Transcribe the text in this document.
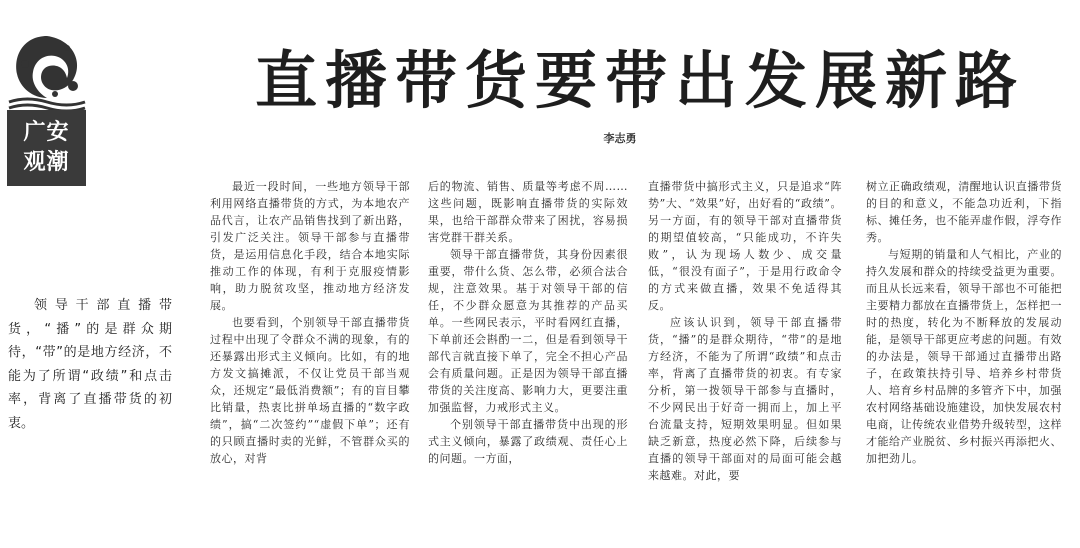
广安
观潮
直播带货要带出发展新路
李志勇
领导干部直播带货，“播”的是群众期待，“带”的是地方经济，不能为了所谓“政绩”和点击率，背离了直播带货的初衷。

最近一段时间，一些地方领导干部利用网络直播带货的方式，为本地农产品代言，让农产品销售找到了新出路，引发广泛关注。领导干部参与直播带货，是运用信息化手段，结合本地实际推动工作的体现，有利于克服疫情影响，助力脱贫攻坚，推动地方经济发展。

也要看到，个别领导干部直播带货过程中出现了令群众不满的现象，有的还暴露出形式主义倾向。比如，有的地方发文搞摊派，不仅让党员干部当观众，还规定“最低消费额”；有的盲目攀比销量，热衷比拼单场直播的“数字政绩”，搞“二次签约”“虚假下单”；还有的只顾直播时卖的光鲜，不管群众买的放心，对背

后的物流、销售、质量等考虑不周……这些问题，既影响直播带货的实际效果，也给干部群众带来了困扰，容易损害党群干群关系。

领导干部直播带货，其身份因素很重要，带什么货、怎么带，必须合法合规，注意效果。基于对领导干部的信任，不少群众愿意为其推荐的产品买单。一些网民表示，平时看网红直播，下单前还会斟酌一二，但是看到领导干部代言就直接下单了，完全不担心产品会有质量问题。正是因为领导干部直播带货的关注度高、影响力大，更要注重加强监督，力戒形式主义。

个别领导干部直播带货中出现的形式主义倾向，暴露了政绩观、责任心上的问题。一方面，

直播带货中搞形式主义，只是追求“阵势”大、“效果”好，出好看的“政绩”。另一方面，有的领导干部对直播带货的期望值较高，“只能成功，不许失败”，认为现场人数少、成交量低，“很没有面子”，于是用行政命令的方式来做直播，效果不免适得其反。

应该认识到，领导干部直播带货，“播”的是群众期待，“带”的是地方经济，不能为了所谓“政绩”和点击率，背离了直播带货的初衷。有专家分析，第一拨领导干部参与直播时，不少网民出于好奇一拥而上，加上平台流量支持，短期效果明显。但如果缺乏新意，热度必然下降，后续参与直播的领导干部面对的局面可能会越来越难。对此，要

树立正确政绩观，清醒地认识直播带货的目的和意义，不能急功近利，下指标、摊任务，也不能弄虚作假，浮夸作秀。

与短期的销量和人气相比，产业的持久发展和群众的持续受益更为重要。而且从长远来看，领导干部也不可能把主要精力都放在直播带货上，怎样把一时的热度，转化为不断释放的发展动能，是领导干部更应考虑的问题。有效的办法是，领导干部通过直播带出路子，在政策扶持引导、培养乡村带货人、培育乡村品牌的多管齐下中，加强农村网络基础设施建设，加快发展农村电商，让传统农业借势升级转型，这样才能给产业脱贫、乡村振兴再添把火、加把劲儿。
